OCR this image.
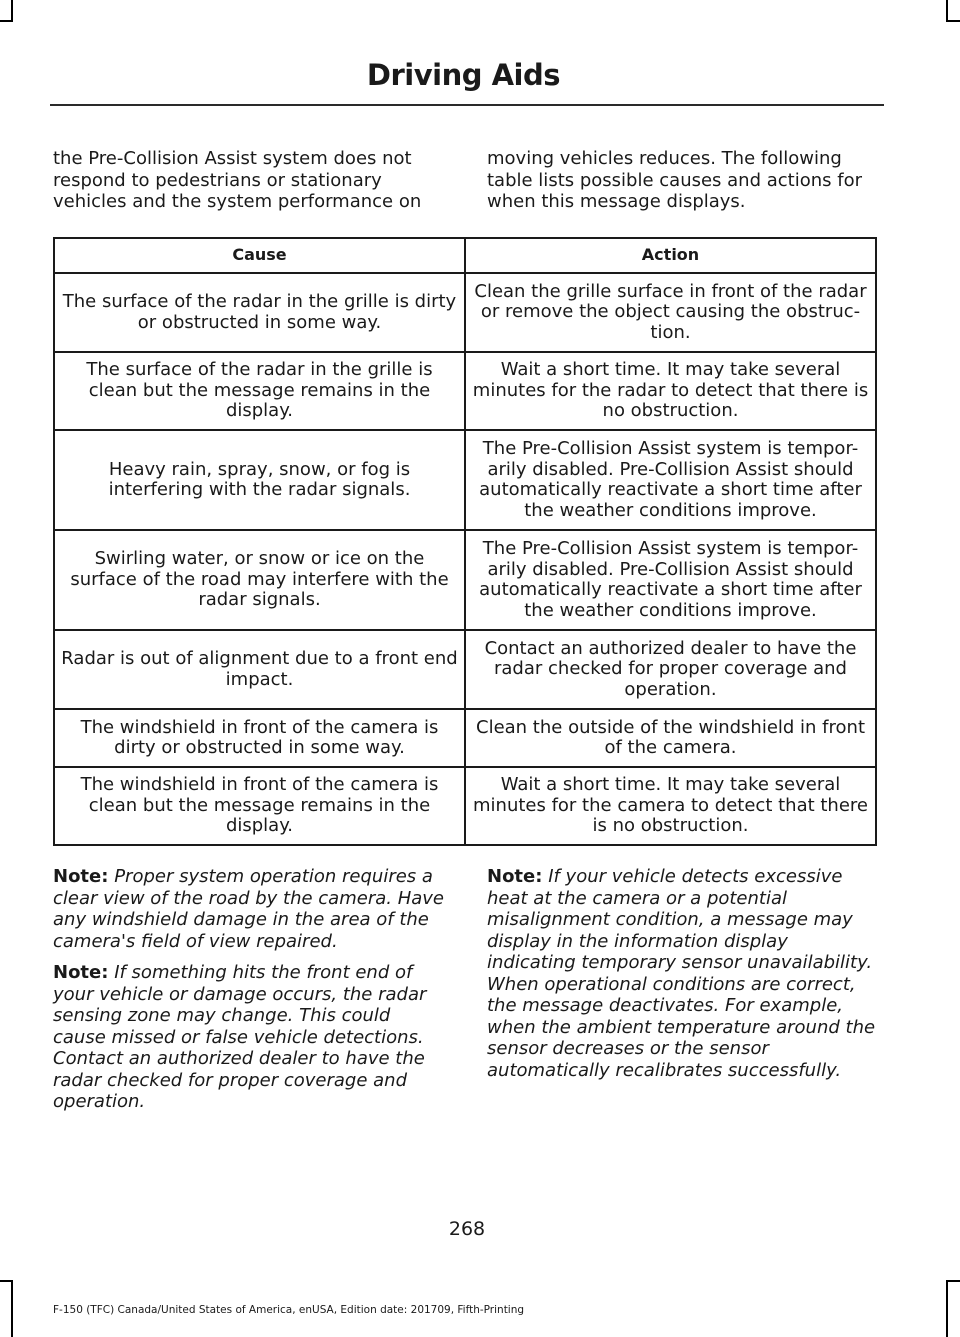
Driving Aids
the Pre-Collision Assist system does not respond to pedestrians or stationary vehicles and the system performance on
moving vehicles reduces. The following table lists possible causes and actions for when this message displays.
Cause	Action
The surface of the radar in the grille is dirty or obstructed in some way.	Clean the grille surface in front of the radar or remove the object causing the obstruc-tion.
The surface of the radar in the grille is clean but the message remains in the display.	Wait a short time. It may take several minutes for the radar to detect that there is no obstruction.
Heavy rain, spray, snow, or fog is interfering with the radar signals.	The Pre-Collision Assist system is tempor-arily disabled. Pre-Collision Assist should automatically reactivate a short time after the weather conditions improve.
Swirling water, or snow or ice on the surface of the road may interfere with the radar signals.	The Pre-Collision Assist system is tempor-arily disabled. Pre-Collision Assist should automatically reactivate a short time after the weather conditions improve.
Radar is out of alignment due to a front end impact.	Contact an authorized dealer to have the radar checked for proper coverage and operation.
The windshield in front of the camera is dirty or obstructed in some way.	Clean the outside of the windshield in front of the camera.
The windshield in front of the camera is clean but the message remains in the display.	Wait a short time. It may take several minutes for the camera to detect that there is no obstruction.

Note: Proper system operation requires a clear view of the road by the camera. Have any windshield damage in the area of the camera's field of view repaired.

Note: If something hits the front end of your vehicle or damage occurs, the radar sensing zone may change. This could cause missed or false vehicle detections. Contact an authorized dealer to have the radar checked for proper coverage and operation.

Note: If your vehicle detects excessive heat at the camera or a potential misalignment condition, a message may display in the information display indicating temporary sensor unavailability. When operational conditions are correct, the message deactivates. For example, when the ambient temperature around the sensor decreases or the sensor automatically recalibrates successfully.

268
F-150 (TFC) Canada/United States of America, enUSA, Edition date: 201709, Fifth-Printing
